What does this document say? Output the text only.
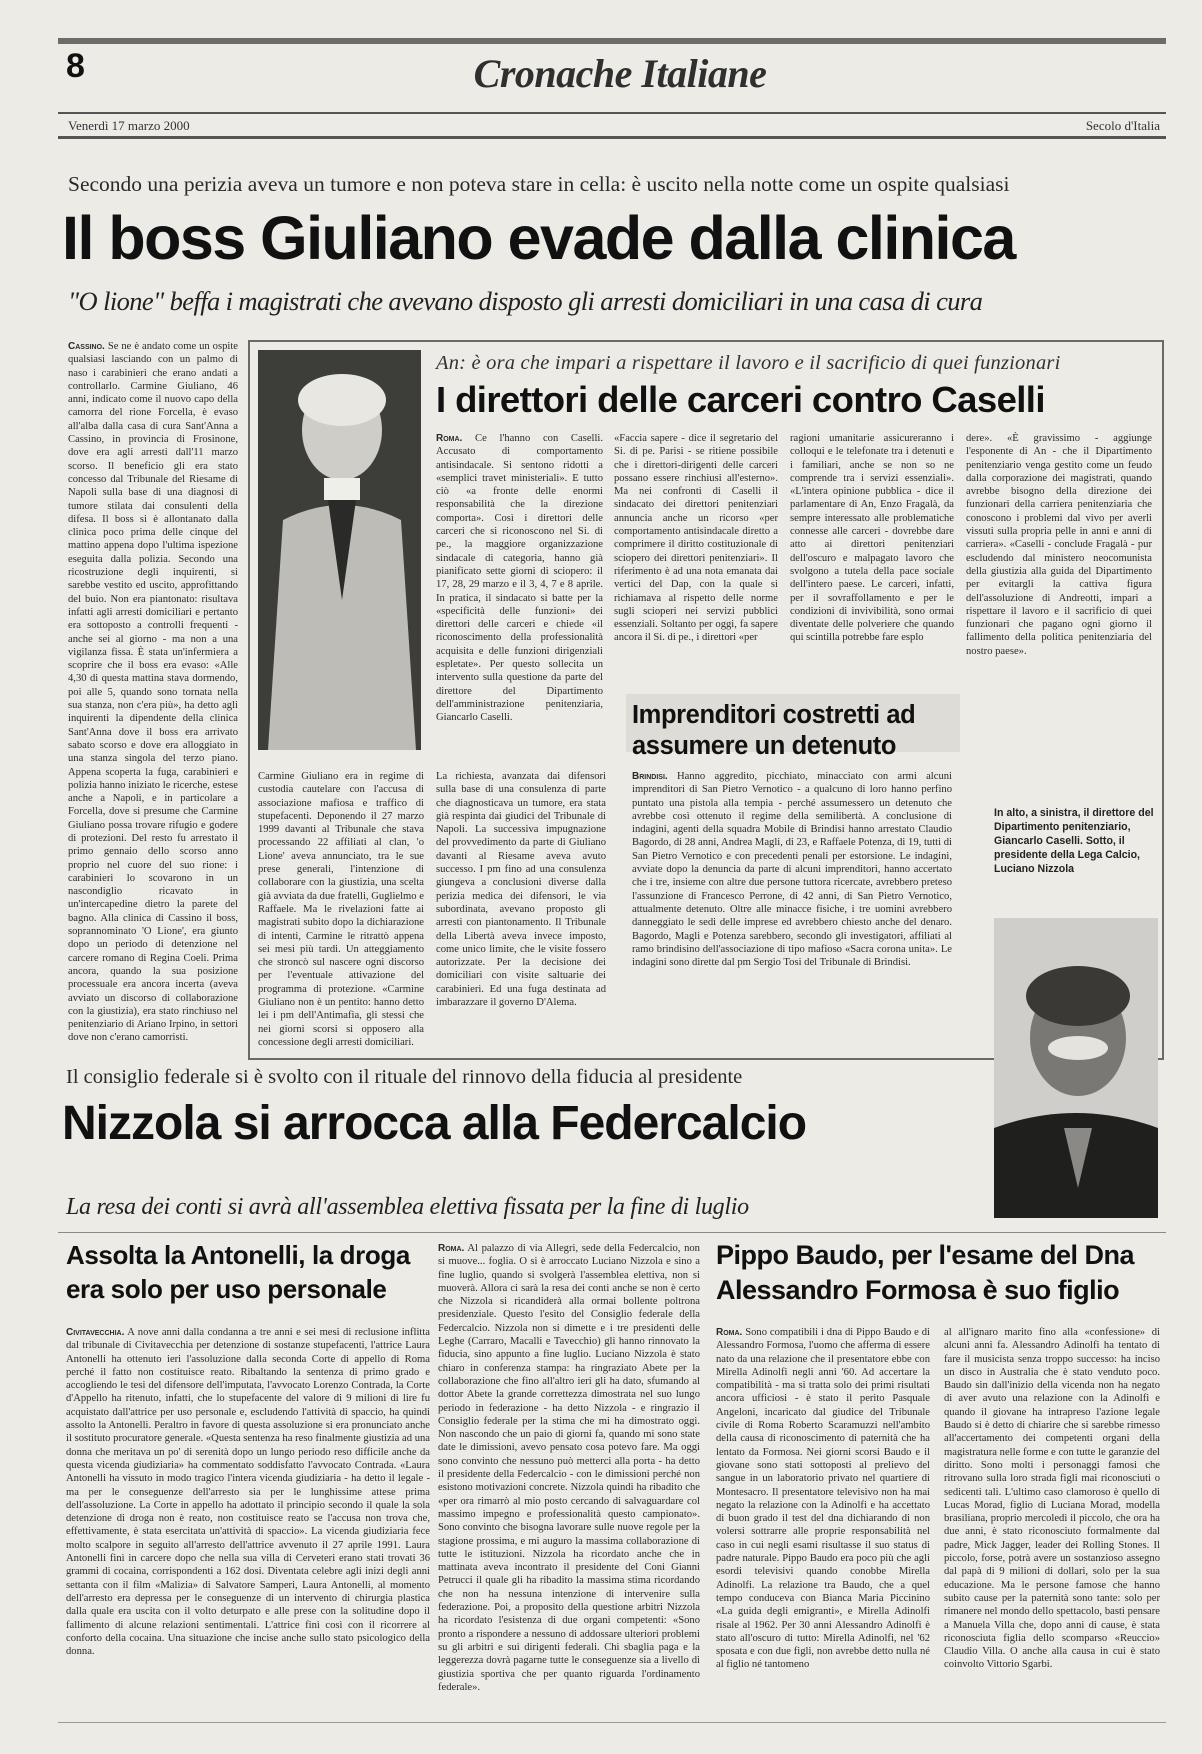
8	Cronache Italiane
Venerdì 17 marzo 2000	Secolo d'Italia
Secondo una perizia aveva un tumore e non poteva stare in cella: è uscito nella notte come un ospite qualsiasi
Il boss Giuliano evade dalla clinica
"O lione" beffa i magistrati che avevano disposto gli arresti domiciliari in una casa di cura
Cassino. Se ne è andato come un ospite qualsiasi lasciando con un palmo di naso i carabinieri che erano andati a controllarlo. Carmine Giuliano, 46 anni, indicato come il nuovo capo della camorra del rione Forcella, è evaso all'alba dalla casa di cura Sant'Anna a Cassino, in provincia di Frosinone, dove era agli arresti dall'11 marzo scorso. Il beneficio gli era stato concesso dal Tribunale del Riesame di Napoli sulla base di una diagnosi di tumore stilata dai consulenti della difesa. Il boss si è allontanato dalla clinica poco prima delle cinque del mattino appena dopo l'ultima ispezione eseguita dalla polizia. Secondo una ricostruzione degli inquirenti, si sarebbe vestito ed uscito, approfittando del buio. Non era piantonato: risultava infatti agli arresti domiciliari e pertanto era sottoposto a controlli frequenti - anche sei al giorno - ma non a una vigilanza fissa. È stata un'infermiera a scoprire che il boss era evaso: «Alle 4,30 di questa mattina stava dormendo, poi alle 5, quando sono tornata nella sua stanza, non c'era più», ha detto agli inquirenti la dipendente della clinica Sant'Anna dove il boss era arrivato sabato scorso e dove era alloggiato in una stanza singola del terzo piano. Appena scoperta la fuga, carabinieri e polizia hanno iniziato le ricerche, estese anche a Napoli, e in particolare a Forcella, dove si presume che Carmine Giuliano possa trovare rifugio e godere di protezioni. Del resto fu arrestato il primo gennaio dello scorso anno proprio nel cuore del suo rione: i carabinieri lo scovarono in un nascondiglio ricavato in un'intercapedine dietro la parete del bagno. Alla clinica di Cassino il boss, soprannominato 'O Lione', era giunto dopo un periodo di detenzione nel carcere romano di Regina Coeli. Prima ancora, quando la sua posizione processuale era ancora incerta (aveva avviato un discorso di collaborazione con la giustizia), era stato rinchiuso nel penitenziario di Ariano Irpino, in settori dove non c'erano camorristi.
An: è ora che impari a rispettare il lavoro e il sacrificio di quei funzionari
I direttori delle carceri contro Caselli
Roma. Ce l'hanno con Caselli. Accusato di comportamento antisindacale. Si sentono ridotti a «semplici travet ministeriali». E tutto ciò «a fronte delle enormi responsabilità che la direzione comporta». Così i direttori delle carceri che si riconoscono nel Si. di pe., la maggiore organizzazione sindacale di categoria, hanno già pianificato sette giorni di sciopero: il 17, 28, 29 marzo e il 3, 4, 7 e 8 aprile. In pratica, il sindacato si batte per la «specificità delle funzioni» dei direttori delle carceri e chiede «il riconoscimento della professionalità acquisita e delle funzioni dirigenziali espletate». Per questo sollecita un intervento sulla questione da parte del direttore del Dipartimento dell'amministrazione penitenziaria, Giancarlo Caselli.
«Faccia sapere - dice il segretario del Si. di pe. Parisi - se ritiene possibile che i direttori-dirigenti delle carceri possano essere rinchiusi all'esterno». Ma nei confronti di Caselli il sindacato dei direttori penitenziari annuncia anche un ricorso «per comportamento antisindacale diretto a comprimere il diritto costituzionale di sciopero dei direttori penitenziari». Il riferimento è ad una nota emanata dai vertici del Dap, con la quale si richiamava al rispetto delle norme sugli scioperi nei servizi pubblici essenziali. Soltanto per oggi, fa sapere ancora il Si. di pe., i direttori «per
ragioni umanitarie assicureranno i colloqui e le telefonate tra i detenuti e i familiari, anche se non so ne comprende tra i servizi essenziali». «L'intera opinione pubblica - dice il parlamentare di An, Enzo Fragalà, da sempre interessato alle problematiche connesse alle carceri - dovrebbe dare atto ai direttori penitenziari dell'oscuro e malpagato lavoro che svolgono a tutela della pace sociale dell'intero paese. Le carceri, infatti, per il sovraffollamento e per le condizioni di invivibilità, sono ormai diventate delle polveriere che quando qui scintilla potrebbe fare esplo
dere». «È gravissimo - aggiunge l'esponente di An - che il Dipartimento penitenziario venga gestito come un feudo dalla corporazione dei magistrati, quando avrebbe bisogno della direzione dei funzionari della carriera penitenziaria che conoscono i problemi dal vivo per averli vissuti sulla propria pelle in anni e anni di carriera». «Caselli - conclude Fragalà - pur escludendo dal ministero neocomunista della giustizia alla guida del Dipartimento per evitargli la cattiva figura dell'assoluzione di Andreotti, impari a rispettare il lavoro e il sacrificio di quei funzionari che pagano ogni giorno il fallimento della politica penitenziaria del nostro paese».
Carmine Giuliano era in regime di custodia cautelare con l'accusa di associazione mafiosa e traffico di stupefacenti. Deponendo il 27 marzo 1999 davanti al Tribunale che stava processando 22 affiliati al clan, 'o Lione' aveva annunciato, tra le sue prese generali, l'intenzione di collaborare con la giustizia, una scelta già avviata da due fratelli, Guglielmo e Raffaele. Ma le rivelazioni fatte ai magistrati subito dopo la dichiarazione di intenti, Carmine le ritrattò appena sei mesi più tardi. Un atteggiamento che stroncò sul nascere ogni discorso per l'eventuale attivazione del programma di protezione. «Carmine Giuliano non è un pentito: hanno detto lei i pm dell'Antimafia, gli stessi che nei giorni scorsi si opposero alla concessione degli arresti domiciliari.
La richiesta, avanzata dai difensori sulla base di una consulenza di parte che diagnosticava un tumore, era stata già respinta dai giudici del Tribunale di Napoli. La successiva impugnazione del provvedimento da parte di Giuliano davanti al Riesame aveva avuto successo. I pm fino ad una consulenza giungeva a conclusioni diverse dalla perizia medica dei difensori, le via subordinata, avevano proposto gli arresti con piantonamento. Il Tribunale della Libertà aveva invece imposto, come unico limite, che le visite fossero autorizzate. Per la decisione dei domiciliari con visite saltuarie dei carabinieri. Ed una fuga destinata ad imbarazzare il governo D'Alema.
Imprenditori costretti ad assumere un detenuto
Brindisi. Hanno aggredito, picchiato, minacciato con armi alcuni imprenditori di San Pietro Vernotico - a qualcuno di loro hanno perfino puntato una pistola alla tempia - perché assumessero un detenuto che avrebbe così ottenuto il regime della semilibertà. A conclusione di indagini, agenti della squadra Mobile di Brindisi hanno arrestato Claudio Bagordo, di 28 anni, Andrea Magli, di 23, e Raffaele Potenza, di 19, tutti di San Pietro Vernotico e con precedenti penali per estorsione. Le indagini, avviate dopo la denuncia da parte di alcuni imprenditori, hanno accertato che i tre, insieme con altre due persone tuttora ricercate, avrebbero preteso l'assunzione di Francesco Perrone, di 42 anni, di San Pietro Vernotico, attualmente detenuto. Oltre alle minacce fisiche, i tre uomini avrebbero danneggiato le sedi delle imprese ed avrebbero chiesto anche del denaro. Bagordo, Magli e Potenza sarebbero, secondo gli investigatori, affiliati al ramo brindisino dell'associazione di tipo mafioso «Sacra corona unita». Le indagini sono dirette dal pm Sergio Tosi del Tribunale di Brindisi.
In alto, a sinistra, il direttore del Dipartimento penitenziario, Giancarlo Caselli. Sotto, il presidente della Lega Calcio, Luciano Nizzola
Il consiglio federale si è svolto con il rituale del rinnovo della fiducia al presidente
Nizzola si arrocca alla Federcalcio
La resa dei conti si avrà all'assemblea elettiva fissata per la fine di luglio
Assolta la Antonelli, la droga era solo per uso personale
Civitavecchia. A nove anni dalla condanna a tre anni e sei mesi di reclusione inflitta dal tribunale di Civitavecchia per detenzione di sostanze stupefacenti, l'attrice Laura Antonelli ha ottenuto ieri l'assoluzione dalla seconda Corte di appello di Roma perché il fatto non costituisce reato. Ribaltando la sentenza di primo grado e accogliendo le tesi del difensore dell'imputata, l'avvocato Lorenzo Contrada, la Corte d'Appello ha ritenuto, infatti, che lo stupefacente del valore di 9 milioni di lire fu acquistato dall'attrice per uso personale e, escludendo l'attività di spaccio, ha quindi assolto la Antonelli. Peraltro in favore di questa assoluzione si era pronunciato anche il sostituto procuratore generale. «Questa sentenza ha reso finalmente giustizia ad una donna che meritava un po' di serenità dopo un lungo periodo reso difficile anche da questa vicenda giudiziaria» ha commentato soddisfatto l'avvocato Contrada. «Laura Antonelli ha vissuto in modo tragico l'intera vicenda giudiziaria - ha detto il legale - ma per le conseguenze dell'arresto sia per le lunghissime attese prima dell'assoluzione. La Corte in appello ha adottato il principio secondo il quale la sola detenzione di droga non è reato, non costituisce reato se l'accusa non trova che, effettivamente, è stata esercitata un'attività di spaccio». La vicenda giudiziaria fece molto scalpore in seguito all'arresto dell'attrice avvenuto il 27 aprile 1991. Laura Antonelli finì in carcere dopo che nella sua villa di Cerveteri erano stati trovati 36 grammi di cocaina, corrispondenti a 162 dosi. Diventata celebre agli inizi degli anni settanta con il film «Malizia» di Salvatore Samperi, Laura Antonelli, al momento dell'arresto era depressa per le conseguenze di un intervento di chirurgia plastica dalla quale era uscita con il volto deturpato e alle prese con la solitudine dopo il fallimento di alcune relazioni sentimentali. L'attrice finì così con il ricorrere al conforto della cocaina. Una situazione che incise anche sullo stato psicologico della donna.
Roma. Al palazzo di via Allegri, sede della Federcalcio, non si muove... foglia. O si è arroccato Luciano Nizzola e sino a fine luglio, quando si svolgerà l'assemblea elettiva, non si muoverà. Allora ci sarà la resa dei conti anche se non è certo che Nizzola si ricandiderà alla ormai bollente poltrona presidenziale. Questo l'esito del Consiglio federale della Federcalcio. Nizzola non si dimette e i tre presidenti delle Leghe (Carraro, Macalli e Tavecchio) gli hanno rinnovato la fiducia, sino appunto a fine luglio. Luciano Nizzola è stato chiaro in conferenza stampa: ha ringraziato Abete per la collaborazione che fino all'altro ieri gli ha dato, sfumando al dottor Abete la grande correttezza dimostrata nel suo lungo periodo in federazione - ha detto Nizzola - e ringrazio il Consiglio federale per la stima che mi ha dimostrato oggi. Non nascondo che un paio di giorni fa, quando mi sono state date le dimissioni, avevo pensato cosa potevo fare. Ma oggi sono convinto che nessuno può metterci alla porta - ha detto il presidente della Federcalcio - con le dimissioni perché non esistono motivazioni concrete. Nizzola quindi ha ribadito che «per ora rimarrò al mio posto cercando di salvaguardare col massimo impegno e professionalità questo campionato». Sono convinto che bisogna lavorare sulle nuove regole per la stagione prossima, e mi auguro la massima collaborazione di tutte le istituzioni. Nizzola ha ricordato anche che in mattinata aveva incontrato il presidente del Coni Gianni Petrucci il quale gli ha ribadito la massima stima ricordando che non ha nessuna intenzione di intervenire sulla federazione. Poi, a proposito della questione arbitri Nizzola ha ricordato l'esistenza di due organi competenti: «Sono pronto a rispondere a nessuno di addossare ulteriori problemi su gli arbitri e sui dirigenti federali. Chi sbaglia paga e la leggerezza dovrà pagarne tutte le conseguenze sia a livello di giustizia sportiva che per quanto riguarda l'ordinamento federale».
Pippo Baudo, per l'esame del Dna Alessandro Formosa è suo figlio
Roma. Sono compatibili i dna di Pippo Baudo e di Alessandro Formosa, l'uomo che afferma di essere nato da una relazione che il presentatore ebbe con Mirella Adinolfi negli anni '60. Ad accertare la compatibilità - ma si tratta solo dei primi risultati ancora ufficiosi - è stato il perito Pasquale Angeloni, incaricato dal giudice del Tribunale civile di Roma Roberto Scaramuzzi nell'ambito della causa di riconoscimento di paternità che ha lentato da Formosa. Nei giorni scorsi Baudo e il giovane sono stati sottoposti al prelievo del sangue in un laboratorio privato nel quartiere di Montesacro. Il presentatore televisivo non ha mai negato la relazione con la Adinolfi e ha accettato di buon grado il test del dna dichiarando di non volersi sottrarre alle proprie responsabilità nel caso in cui negli esami risultasse il suo status di padre naturale. Pippo Baudo era poco più che agli esordi televisivi quando conobbe Mirella Adinolfi. La relazione tra Baudo, che a quel tempo conduceva con Bianca Maria Piccinino «La guida degli emigranti», e Mirella Adinolfi risale al 1962. Per 30 anni Alessandro Adinolfi è stato all'oscuro di tutto: Mirella Adinolfi, nel '62 sposata e con due figli, non avrebbe detto nulla né al figlio né tantomeno
al all'ignaro marito fino alla «confessione» di alcuni anni fa. Alessandro Adinolfi ha tentato di fare il musicista senza troppo successo: ha inciso un disco in Australia che è stato venduto poco. Baudo sin dall'inizio della vicenda non ha negato di aver avuto una relazione con la Adinolfi e quando il giovane ha intrapreso l'azione legale Baudo si è detto di chiarire che si sarebbe rimesso all'accertamento dei competenti organi della magistratura nelle forme e con tutte le garanzie del diritto. Sono molti i personaggi famosi che ritrovano sulla loro strada figli mai riconosciuti o sedicenti tali. L'ultimo caso clamoroso è quello di Lucas Morad, figlio di Luciana Morad, modella brasiliana, proprio mercoledì il piccolo, che ora ha due anni, è stato riconosciuto formalmente dal padre, Mick Jagger, leader dei Rolling Stones. Il piccolo, forse, potrà avere un sostanzioso assegno dal papà di 9 milioni di dollari, solo per la sua educazione. Ma le persone famose che hanno subito cause per la paternità sono tante: solo per rimanere nel mondo dello spettacolo, basti pensare a Manuela Villa che, dopo anni di cause, è stata riconosciuta figlia dello scomparso «Reuccio» Claudio Villa. O anche alla causa in cui è stato coinvolto Vittorio Sgarbi.
